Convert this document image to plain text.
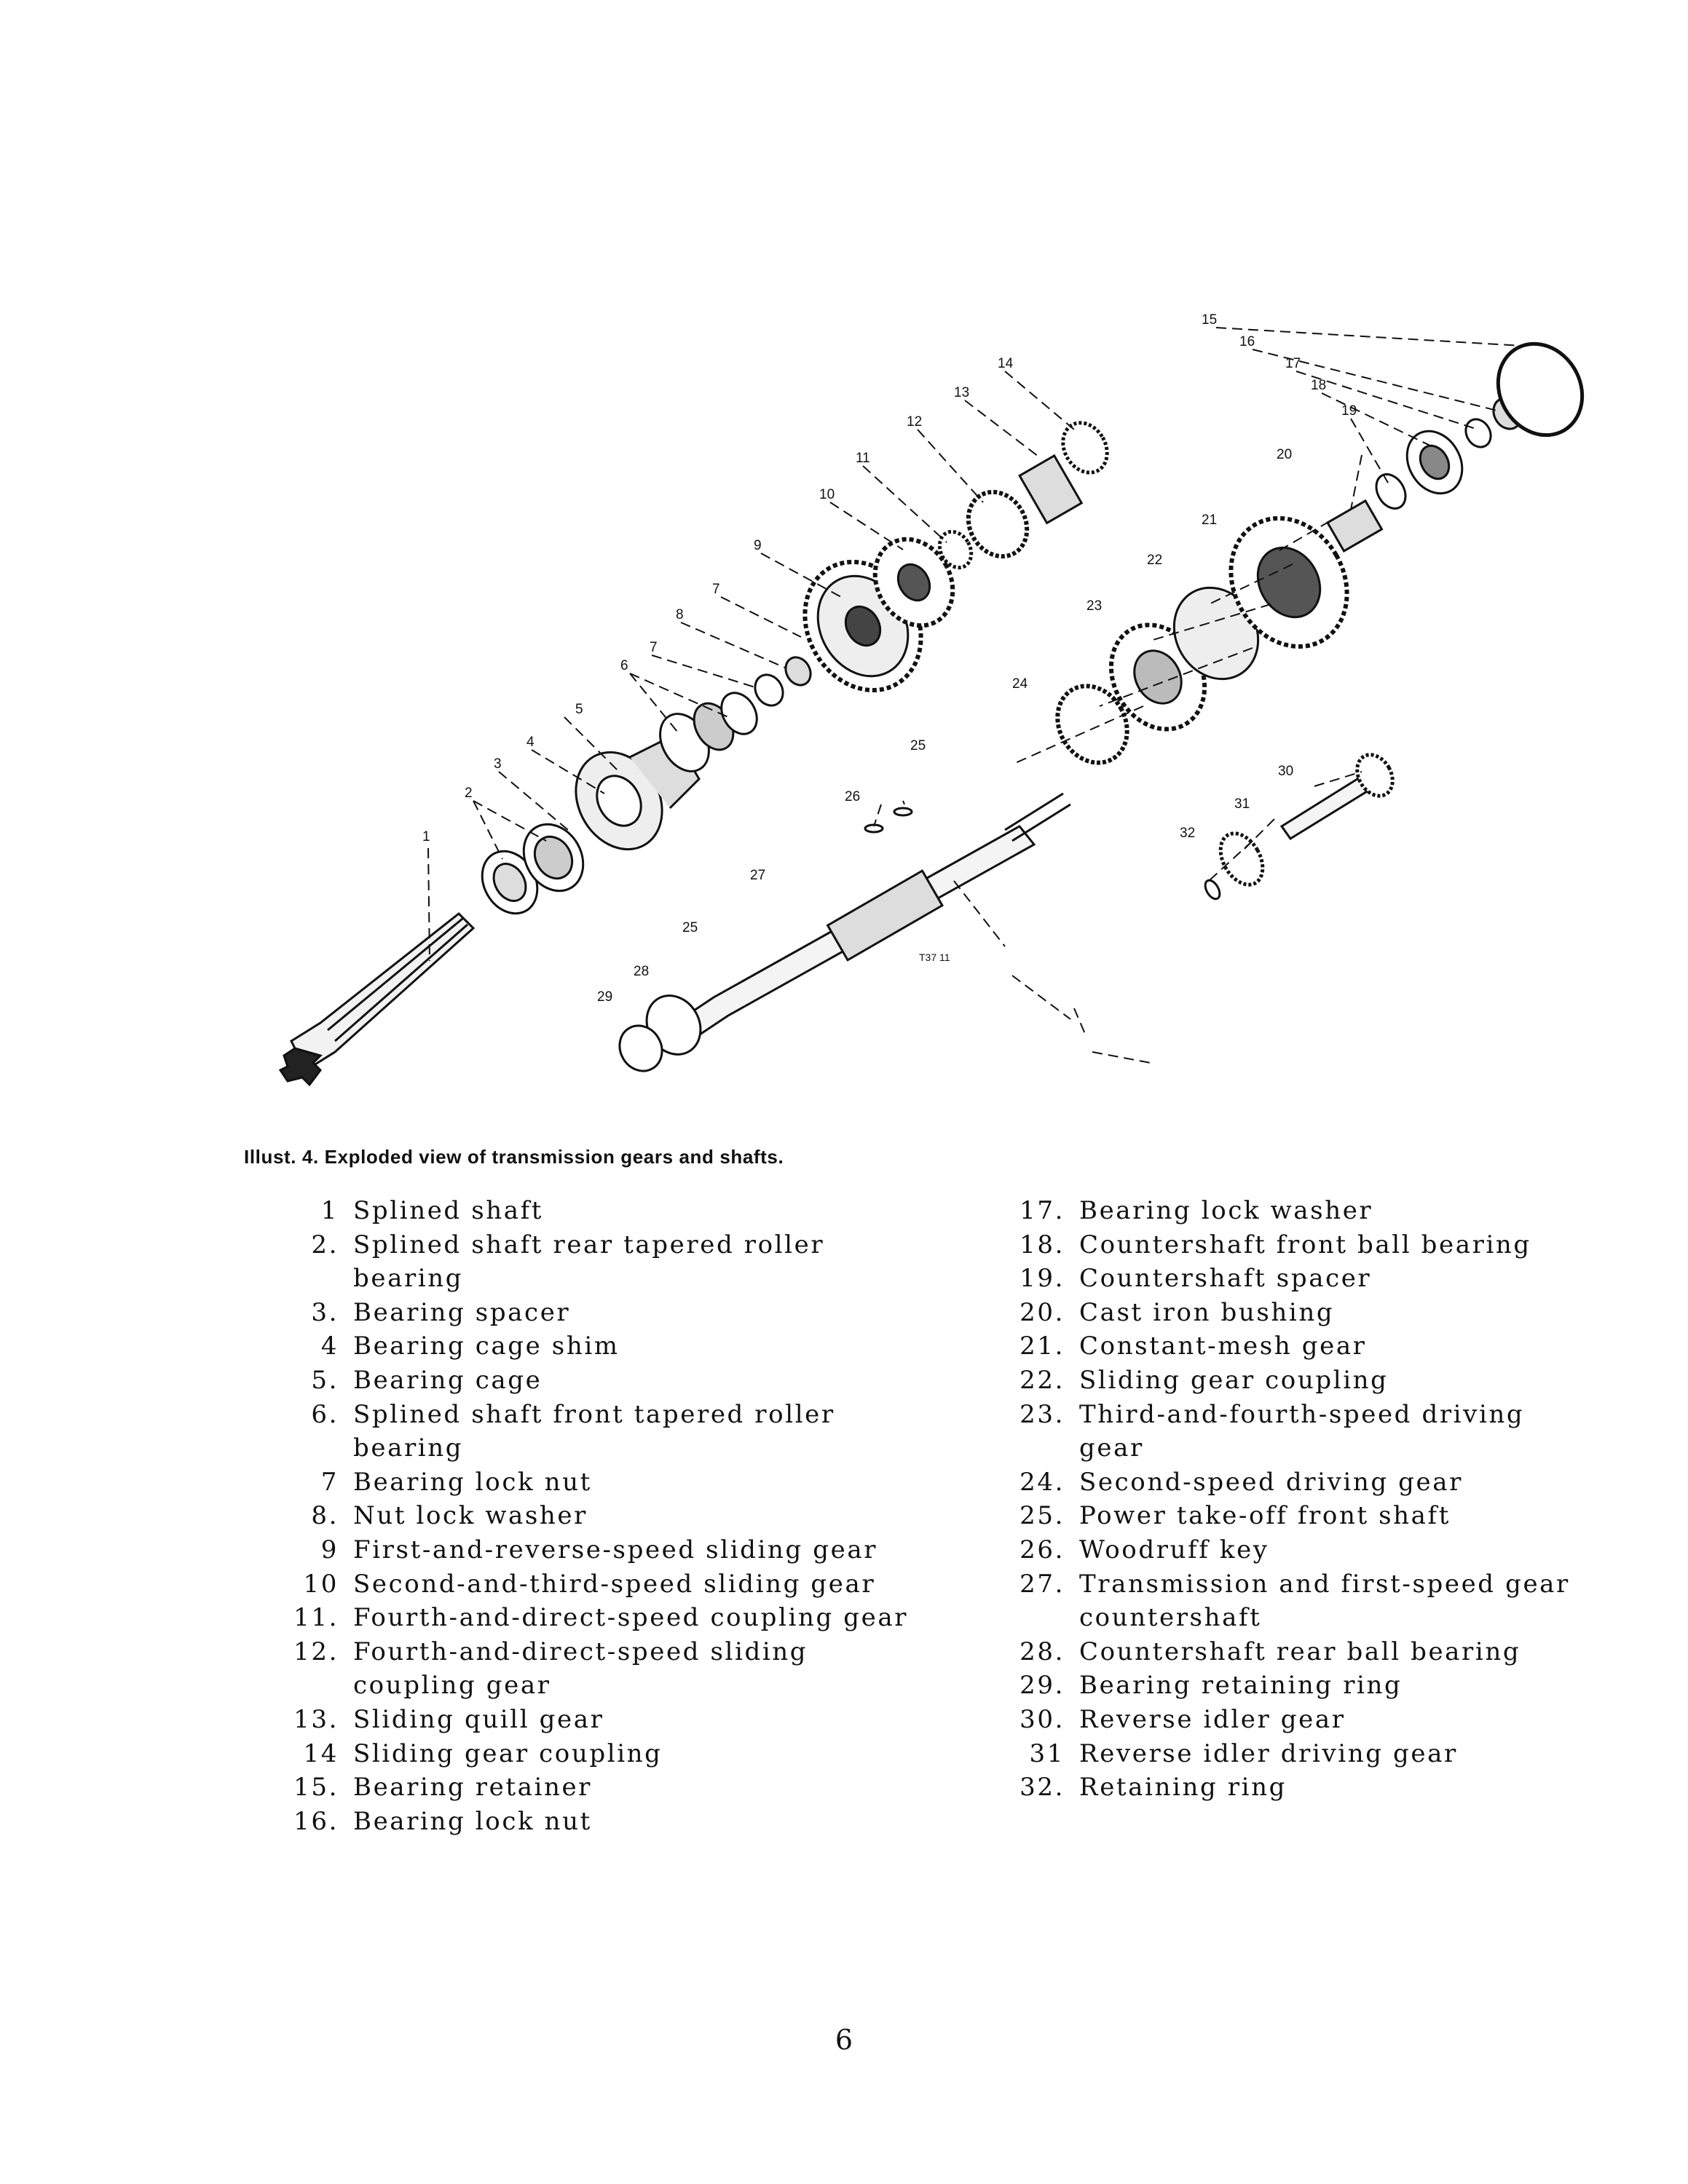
1
2
3
4
5
6
7
7
8
9
10
11
12
13
14
15
16
17
18
19
20
21
22
23
24
25
25
26
27
28
29
30
31
32
T37 11
Illust. 4. Exploded view of transmission gears and shafts.
1 Splined shaft
2. Splined shaft rear tapered roller bearing
3. Bearing spacer
4 Bearing cage shim
5. Bearing cage
6. Splined shaft front tapered roller bearing
7 Bearing lock nut
8. Nut lock washer
9 First-and-reverse-speed sliding gear
10 Second-and-third-speed sliding gear
11. Fourth-and-direct-speed coupling gear
12. Fourth-and-direct-speed sliding coupling gear
13. Sliding quill gear
14 Sliding gear coupling
15. Bearing retainer
16. Bearing lock nut
17. Bearing lock washer
18. Countershaft front ball bearing
19. Countershaft spacer
20. Cast iron bushing
21. Constant-mesh gear
22. Sliding gear coupling
23. Third-and-fourth-speed driving gear
24. Second-speed driving gear
25. Power take-off front shaft
26. Woodruff key
27. Transmission and first-speed gear countershaft
28. Countershaft rear ball bearing
29. Bearing retaining ring
30. Reverse idler gear
31 Reverse idler driving gear
32. Retaining ring
6
